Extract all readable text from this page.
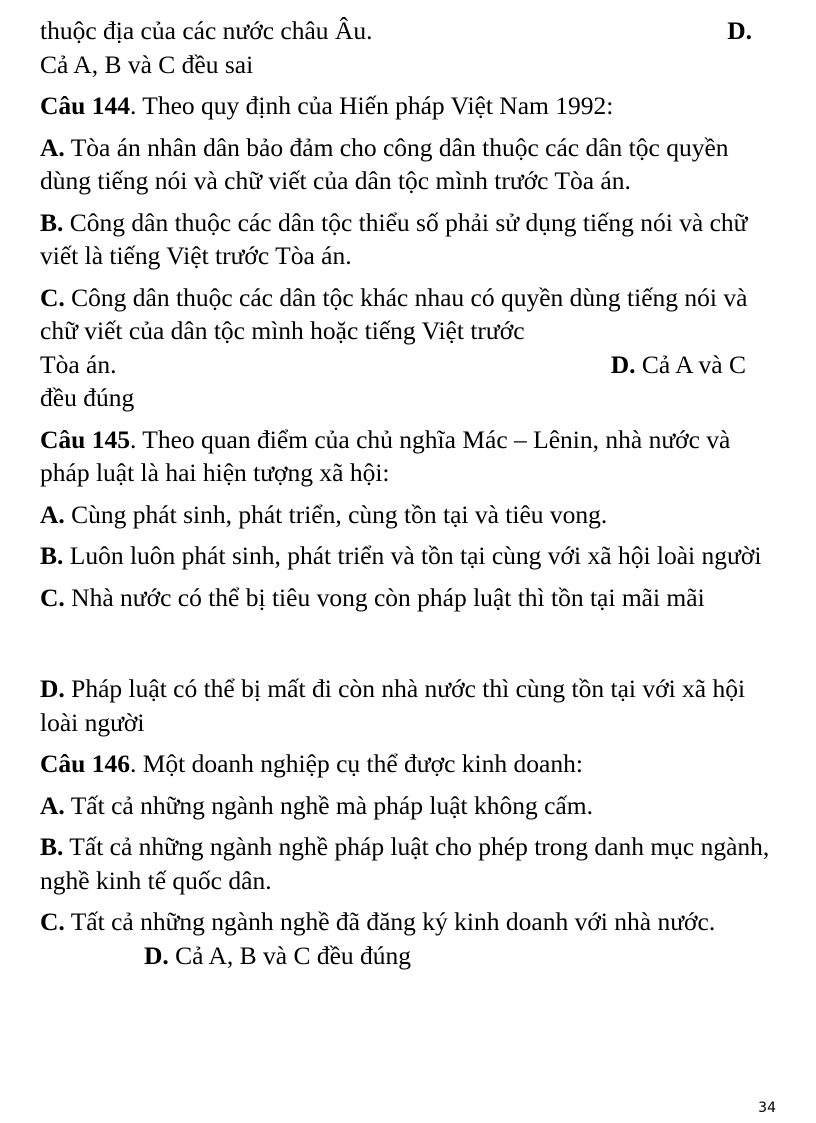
thuộc địa của các nước châu Âu.	D.
Cả A, B và C đều sai

Câu 144. Theo quy định của Hiến pháp Việt Nam 1992:

A. Tòa án nhân dân bảo đảm cho công dân thuộc các dân tộc quyền dùng tiếng nói và chữ viết của dân tộc mình trước Tòa án.

B. Công dân thuộc các dân tộc thiểu số phải sử dụng tiếng nói và chữ viết là tiếng Việt trước Tòa án.

C. Công dân thuộc các dân tộc khác nhau có quyền dùng tiếng nói và chữ viết của dân tộc mình hoặc tiếng Việt trước
Tòa án.	D. Cả A và C
đều đúng

Câu 145. Theo quan điểm của chủ nghĩa Mác – Lênin, nhà nước và pháp luật là hai hiện tượng xã hội:

A. Cùng phát sinh, phát triển, cùng tồn tại và tiêu vong.

B. Luôn luôn phát sinh, phát triển và tồn tại cùng với xã hội loài người

C. Nhà nước có thể bị tiêu vong còn pháp luật thì tồn tại mãi mãi

D. Pháp luật có thể bị mất đi còn nhà nước thì cùng tồn tại với xã hội loài người

Câu 146. Một doanh nghiệp cụ thể được kinh doanh:

A. Tất cả những ngành nghề mà pháp luật không cấm.

B. Tất cả những ngành nghề pháp luật cho phép trong danh mục ngành, nghề kinh tế quốc dân.

C. Tất cả những ngành nghề đã đăng ký kinh doanh với nhà nước.D. Cả A, B và C đều đúng

34
